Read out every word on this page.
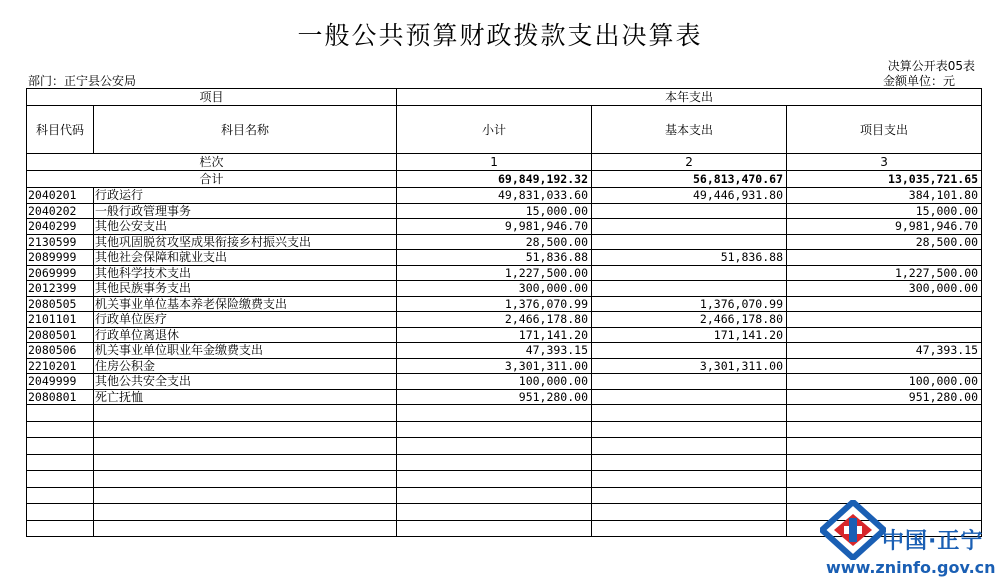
一般公共预算财政拨款支出决算表
决算公开表05表
金额单位：元
部门：正宁县公安局
项目		本年支出		
科目代码	科目名称	小计	基本支出	项目支出
栏次		1	2	3
合计		69,849,192.32	56,813,470.67	13,035,721.65
2040201	行政运行	49,831,033.60	49,446,931.80	384,101.80
2040202	一般行政管理事务	15,000.00		15,000.00
2040299	其他公安支出	9,981,946.70		9,981,946.70
2130599	其他巩固脱贫攻坚成果衔接乡村振兴支出	28,500.00		28,500.00
2089999	其他社会保障和就业支出	51,836.88	51,836.88	
2069999	其他科学技术支出	1,227,500.00		1,227,500.00
2012399	其他民族事务支出	300,000.00		300,000.00
2080505	机关事业单位基本养老保险缴费支出	1,376,070.99	1,376,070.99	
2101101	行政单位医疗	2,466,178.80	2,466,178.80	
2080501	行政单位离退休	171,141.20	171,141.20	
2080506	机关事业单位职业年金缴费支出	47,393.15		47,393.15
2210201	住房公积金	3,301,311.00	3,301,311.00	
2049999	其他公共安全支出	100,000.00		100,000.00
2080801	死亡抚恤	951,280.00		951,280.00

中国·正宁
www.zninfo.gov.cn
